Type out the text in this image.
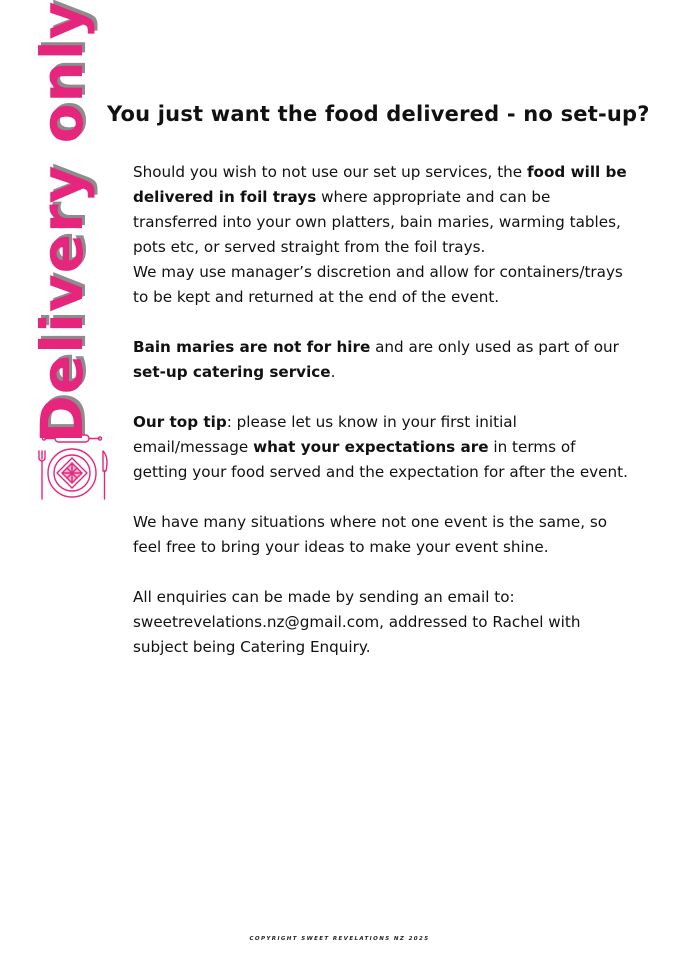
Delivery only You just want the food delivered - no set-up?

Should you wish to not use our set up services, the food will be delivered in foil trays where appropriate and can be transferred into your own platters, bain maries, warming tables, pots etc, or served straight from the foil trays.
We may use manager’s discretion and allow for containers/trays to be kept and returned at the end of the event.

Bain maries are not for hire and are only used as part of our set-up catering service.

Our top tip: please let us know in your first initial email/message what your expectations are in terms of getting your food served and the expectation for after the event.

We have many situations where not one event is the same, so feel free to bring your ideas to make your event shine.

All enquiries can be made by sending an email to: sweetrevelations.nz@gmail.com, addressed to Rachel with subject being Catering Enquiry.

COPYRIGHT SWEET REVELATIONS NZ 2025
